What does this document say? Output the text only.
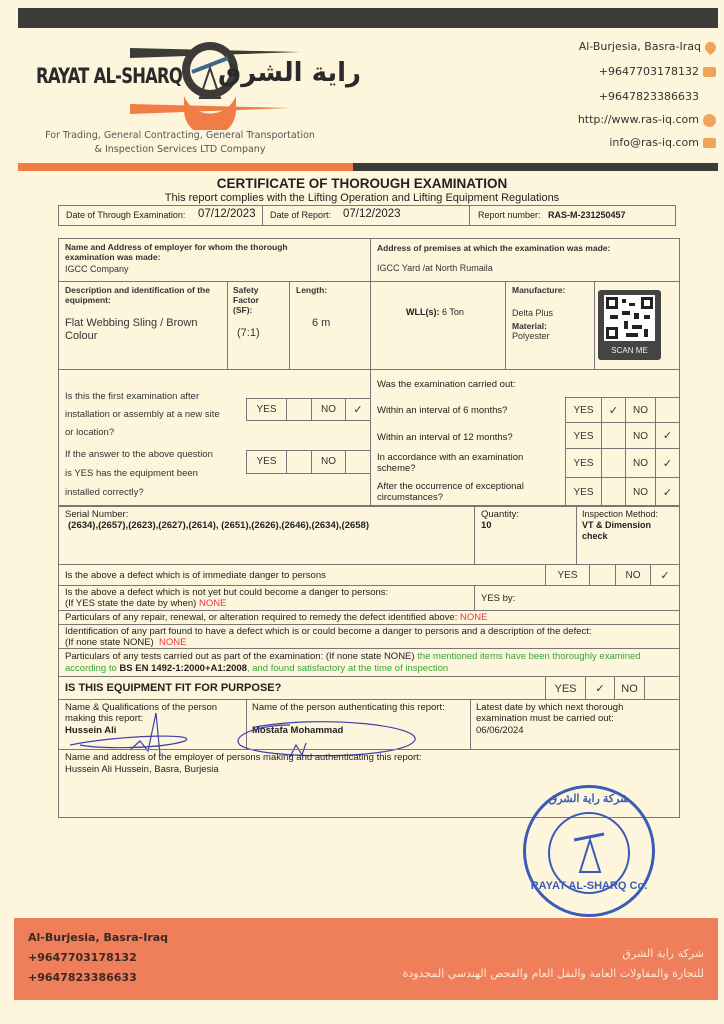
RAYAT AL-SHARQ راية الشرق
For Trading, General Contracting, General Transportation
& Inspection Services LTD Company
Al-Burjesia, Basra-Iraq
+9647703178132
+9647823386633
http://www.ras-iq.com
info@ras-iq.com
CERTIFICATE OF THOROUGH EXAMINATION
This report complies with the Lifting Operation and Lifting Equipment Regulations
Date of Through Examination: 07/12/2023 Date of Report: 07/12/2023	Report number: RAS-M-231250457
Name and Address of employer for whom the thorough examination was made:
IGCC Company
Address of premises at which the examination was made:
IGCC Yard /at North Rumaila
Description and identification of the equipment:
Flat Webbing Sling / Brown Colour
Safety Factor (SF):
(7:1)
Length:
6 m
WLL(s): 6 Ton
Manufacture:
Delta Plus
Material:
Polyester
SCAN ME
Is this the first examination after
installation or assembly at a new site
or location?
If the answer to the above question
is YES has the equipment been
installed correctly?
YES	NO	✓
YES	NO
Was the examination carried out:
Within an interval of 6 months?
Within an interval of 12 months?
In accordance with an examination scheme?
After the occurrence of exceptional circumstances?
YES	✓	NO
YES	NO	✓
YES	NO	✓
YES	NO	✓
Serial Number:
(2634),(2657),(2623),(2627),(2614), (2651),(2626),(2646),(2634),(2658)
Quantity:
10
Inspection Method:
VT & Dimension check
Is the above a defect which is of immediate danger to persons	YES	NO	✓
Is the above a defect which is not yet but could become a danger to persons:
(If YES state the date by when) NONE	YES by:
Particulars of any repair, renewal, or alteration required to remedy the defect identified above: NONE
Identification of any part found to have a defect which is or could become a danger to persons and a description of the defect:
(If none state NONE) NONE
Particulars of any tests carried out as part of the examination: (If none state NONE) the mentioned items have been thoroughly examined according to BS EN 1492-1:2000+A1:2008, and found satisfactory at the time of inspection
IS THIS EQUIPMENT FIT FOR PURPOSE?	YES	✓	NO
Name & Qualifications of the person making this report:
Hussein Ali
Name of the person authenticating this report:
Mostafa Mohammad
Latest date by which next thorough examination must be carried out:
06/06/2024
Name and address of the employer of persons making and authenticating this report:
Hussein Ali Hussein, Basra, Burjesia
شركة راية الشرق
RAYAT AL-SHARQ Co.
Al-Burjesia, Basra-Iraq
+9647703178132
+9647823386633
شركة راية الشرق
للتجارة والمقاولات العامة والنقل العام والفحص الهندسي المحدودة
